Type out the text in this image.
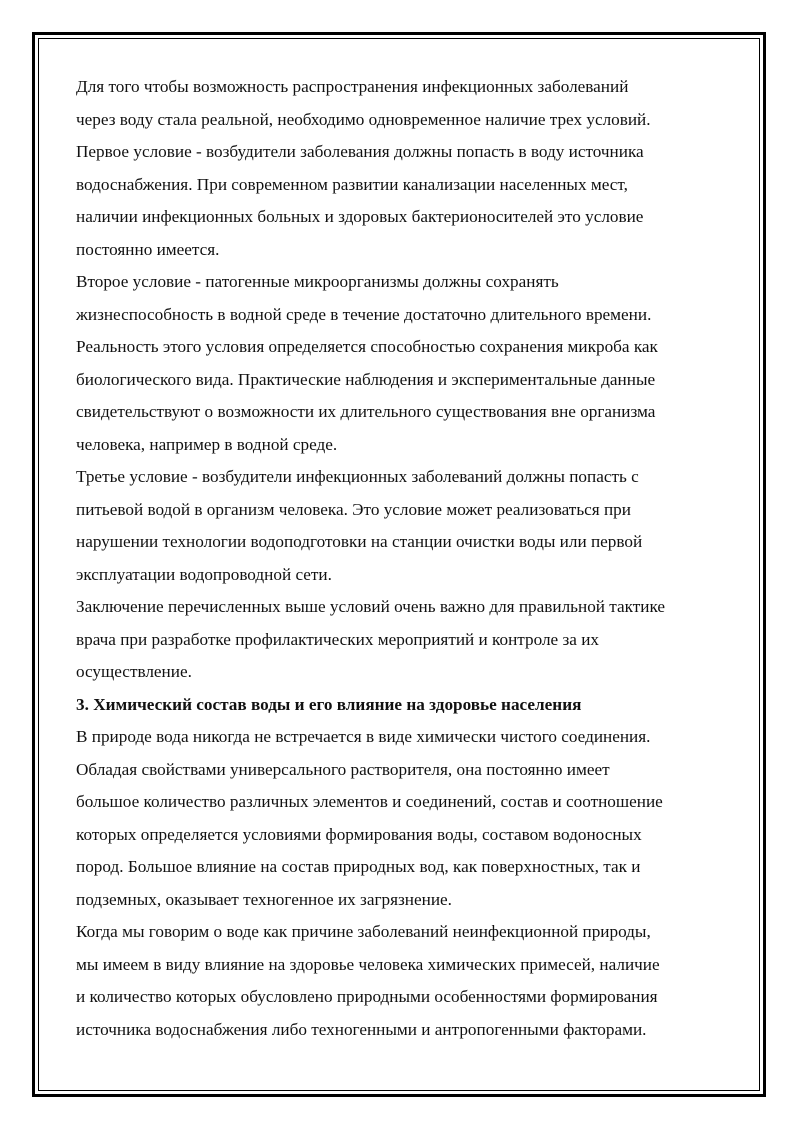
Для того чтобы возможность распространения инфекционных заболеваний
через воду стала реальной, необходимо одновременное наличие трех условий.

Первое условие - возбудители заболевания должны попасть в воду источника
водоснабжения. При современном развитии канализации населенных мест,
наличии инфекционных больных и здоровых бактерионосителей это условие
постоянно имеется.

Второе условие - патогенные микроорганизмы должны сохранять
жизнеспособность в водной среде в течение достаточно длительного времени.
Реальность этого условия определяется способностью сохранения микроба как
биологического вида. Практические наблюдения и экспериментальные данные
свидетельствуют о возможности их длительного существования вне организма
человека, например в водной среде.

Третье условие - возбудители инфекционных заболеваний должны попасть с
питьевой водой в организм человека. Это условие может реализоваться при
нарушении технологии водоподготовки на станции очистки воды или первой
эксплуатации водопроводной сети.

Заключение перечисленных выше условий очень важно для правильной тактике
врача при разработке профилактических мероприятий и контроле за их
осуществление.

3. Химический состав воды и его влияние на здоровье населения

В природе вода никогда не встречается в виде химически чистого соединения.
Обладая свойствами универсального растворителя, она постоянно имеет
большое количество различных элементов и соединений, состав и соотношение
которых определяется условиями формирования воды, составом водоносных
пород. Большое влияние на состав природных вод, как поверхностных, так и
подземных, оказывает техногенное их загрязнение.

Когда мы говорим о воде как причине заболеваний неинфекционной природы,
мы имеем в виду влияние на здоровье человека химических примесей, наличие
и количество которых обусловлено природными особенностями формирования
источника водоснабжения либо техногенными и антропогенными факторами.
